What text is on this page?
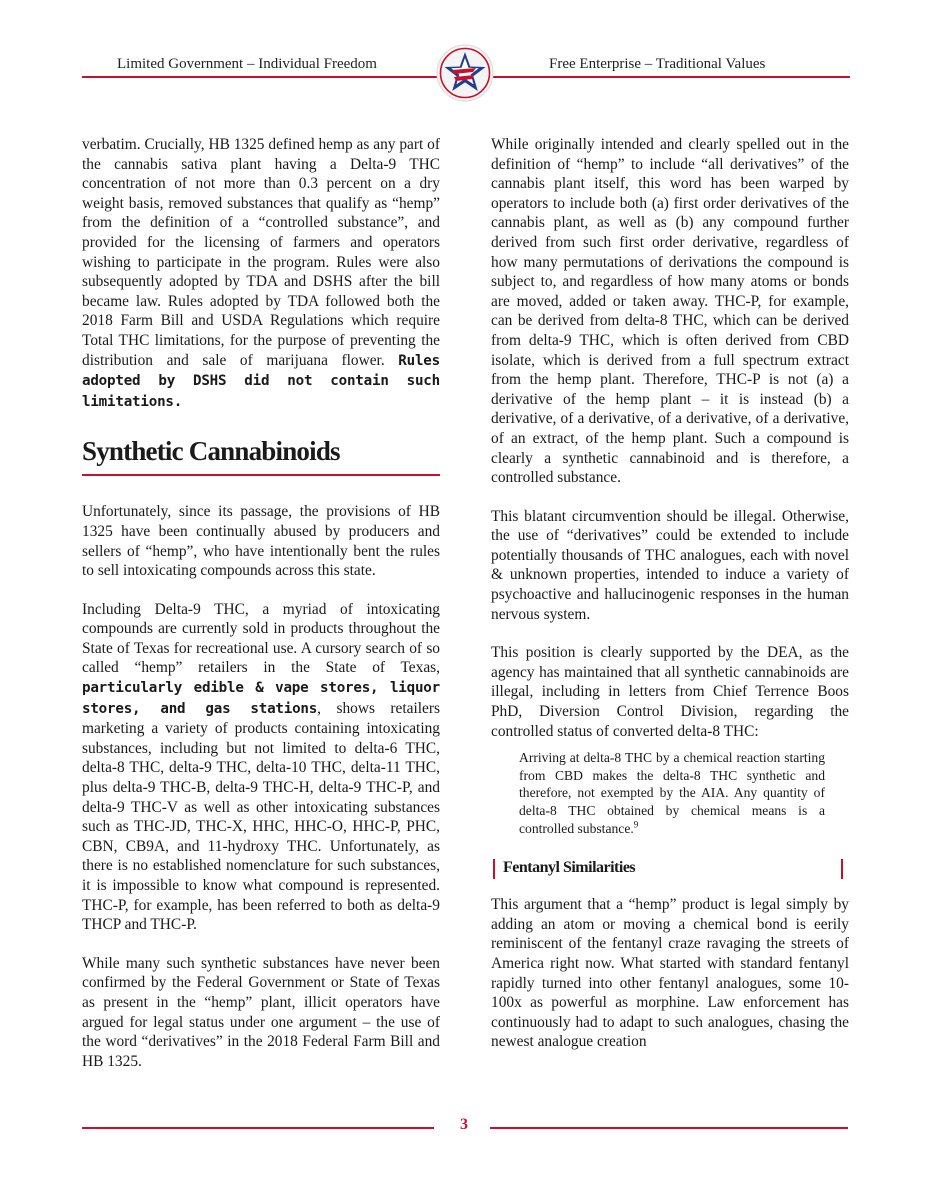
Limited Government – Individual Freedom	Free Enterprise – Traditional Values

verbatim. Crucially, HB 1325 defined hemp as any part of the cannabis sativa plant having a Delta-9 THC concentration of not more than 0.3 percent on a dry weight basis, removed substances that qualify as “hemp” from the definition of a “controlled substance”, and provided for the licensing of farmers and operators wishing to participate in the program. Rules were also subsequently adopted by TDA and DSHS after the bill became law. Rules adopted by TDA followed both the 2018 Farm Bill and USDA Regulations which require Total THC limitations, for the purpose of preventing the distribution and sale of marijuana flower. Rules adopted by DSHS did not contain such limitations.

Synthetic Cannabinoids

Unfortunately, since its passage, the provisions of HB 1325 have been continually abused by producers and sellers of “hemp”, who have intentionally bent the rules to sell intoxicating compounds across this state.

Including Delta-9 THC, a myriad of intoxicating compounds are currently sold in products throughout the State of Texas for recreational use. A cursory search of so called “hemp” retailers in the State of Texas, particularly edible & vape stores, liquor stores, and gas stations, shows retailers marketing a variety of products containing intoxicating substances, including but not limited to delta-6 THC, delta-8 THC, delta-9 THC, delta-10 THC, delta-11 THC, plus delta-9 THC-B, delta-9 THC-H, delta-9 THC-P, and delta-9 THC-V as well as other intoxicating substances such as THC-JD, THC-X, HHC, HHC-O, HHC-P, PHC, CBN, CB9A, and 11-hydroxy THC. Unfortunately, as there is no established nomenclature for such substances, it is impossible to know what compound is represented. THC-P, for example, has been referred to both as delta-9 THCP and THC-P.

While many such synthetic substances have never been confirmed by the Federal Government or State of Texas as present in the “hemp” plant, illicit operators have argued for legal status under one argument – the use of the word “derivatives” in the 2018 Federal Farm Bill and HB 1325.

While originally intended and clearly spelled out in the definition of “hemp” to include “all derivatives” of the cannabis plant itself, this word has been warped by operators to include both (a) first order derivatives of the cannabis plant, as well as (b) any compound further derived from such first order derivative, regardless of how many permutations of derivations the compound is subject to, and regardless of how many atoms or bonds are moved, added or taken away. THC-P, for example, can be derived from delta-8 THC, which can be derived from delta-9 THC, which is often derived from CBD isolate, which is derived from a full spectrum extract from the hemp plant. Therefore, THC-P is not (a) a derivative of the hemp plant – it is instead (b) a derivative, of a derivative, of a derivative, of a derivative, of an extract, of the hemp plant. Such a compound is clearly a synthetic cannabinoid and is therefore, a controlled substance.

This blatant circumvention should be illegal. Otherwise, the use of “derivatives” could be extended to include potentially thousands of THC analogues, each with novel & unknown properties, intended to induce a variety of psychoactive and hallucinogenic responses in the human nervous system.

This position is clearly supported by the DEA, as the agency has maintained that all synthetic cannabinoids are illegal, including in letters from Chief Terrence Boos PhD, Diversion Control Division, regarding the controlled status of converted delta-8 THC:

Arriving at delta-8 THC by a chemical reaction starting from CBD makes the delta-8 THC synthetic and therefore, not exempted by the AIA. Any quantity of delta-8 THC obtained by chemical means is a controlled substance.$^9$
Fentanyl Similarities

This argument that a “hemp” product is legal simply by adding an atom or moving a chemical bond is eerily reminiscent of the fentanyl craze ravaging the streets of America right now. What started with standard fentanyl rapidly turned into other fentanyl analogues, some 10-100x as powerful as morphine. Law enforcement has continuously had to adapt to such analogues, chasing the newest analogue creation

3
